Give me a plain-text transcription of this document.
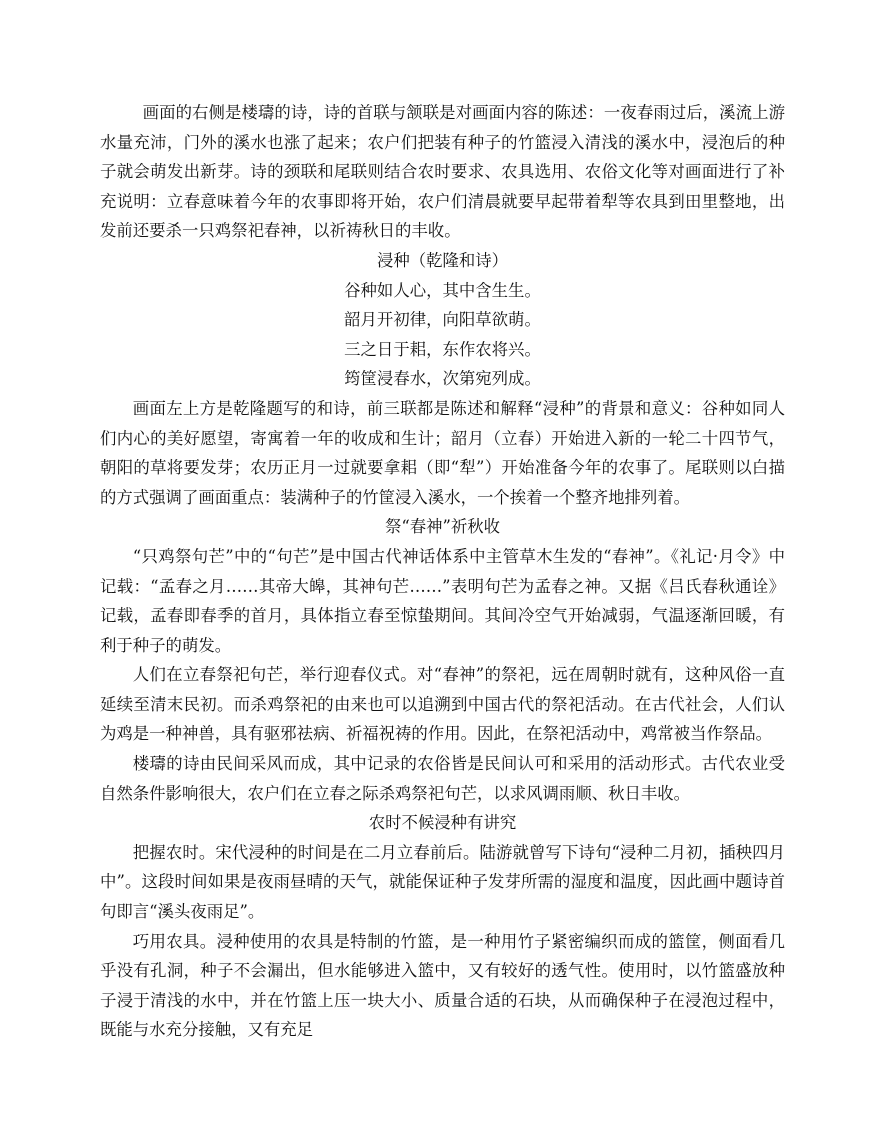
画面的右侧是楼璹的诗，诗的首联与颔联是对画面内容的陈述：一夜春雨过后，溪流上游水量充沛，门外的溪水也涨了起来；农户们把装有种子的竹篮浸入清浅的溪水中，浸泡后的种子就会萌发出新芽。诗的颈联和尾联则结合农时要求、农具选用、农俗文化等对画面进行了补充说明：立春意味着今年的农事即将开始，农户们清晨就要早起带着犁等农具到田里整地，出发前还要杀一只鸡祭祀春神，以祈祷秋日的丰收。

浸种（乾隆和诗）

谷种如人心，其中含生生。

韶月开初律，向阳草欲萌。

三之日于耜，东作农将兴。

筠筐浸春水，次第宛列成。

画面左上方是乾隆题写的和诗，前三联都是陈述和解释“浸种”的背景和意义：谷种如同人们内心的美好愿望，寄寓着一年的收成和生计；韶月（立春）开始进入新的一轮二十四节气，朝阳的草将要发芽；农历正月一过就要拿耜（即“犁”）开始准备今年的农事了。尾联则以白描的方式强调了画面重点：装满种子的竹筐浸入溪水，一个挨着一个整齐地排列着。

祭“春神”祈秋收

“只鸡祭句芒”中的“句芒”是中国古代神话体系中主管草木生发的“春神”。《礼记·月令》中记载：“孟春之月……其帝大皞，其神句芒……”表明句芒为孟春之神。又据《吕氏春秋通诠》记载，孟春即春季的首月，具体指立春至惊蛰期间。其间冷空气开始减弱，气温逐渐回暖，有利于种子的萌发。

人们在立春祭祀句芒，举行迎春仪式。对“春神”的祭祀，远在周朝时就有，这种风俗一直延续至清末民初。而杀鸡祭祀的由来也可以追溯到中国古代的祭祀活动。在古代社会，人们认为鸡是一种神兽，具有驱邪祛病、祈福祝祷的作用。因此，在祭祀活动中，鸡常被当作祭品。

楼璹的诗由民间采风而成，其中记录的农俗皆是民间认可和采用的活动形式。古代农业受自然条件影响很大，农户们在立春之际杀鸡祭祀句芒，以求风调雨顺、秋日丰收。

农时不候浸种有讲究

把握农时。宋代浸种的时间是在二月立春前后。陆游就曾写下诗句“浸种二月初，插秧四月中”。这段时间如果是夜雨昼晴的天气，就能保证种子发芽所需的湿度和温度，因此画中题诗首句即言“溪头夜雨足”。

巧用农具。浸种使用的农具是特制的竹篮，是一种用竹子紧密编织而成的篮筐，侧面看几乎没有孔洞，种子不会漏出，但水能够进入篮中，又有较好的透气性。使用时，以竹篮盛放种子浸于清浅的水中，并在竹篮上压一块大小、质量合适的石块，从而确保种子在浸泡过程中，既能与水充分接触，又有充足
